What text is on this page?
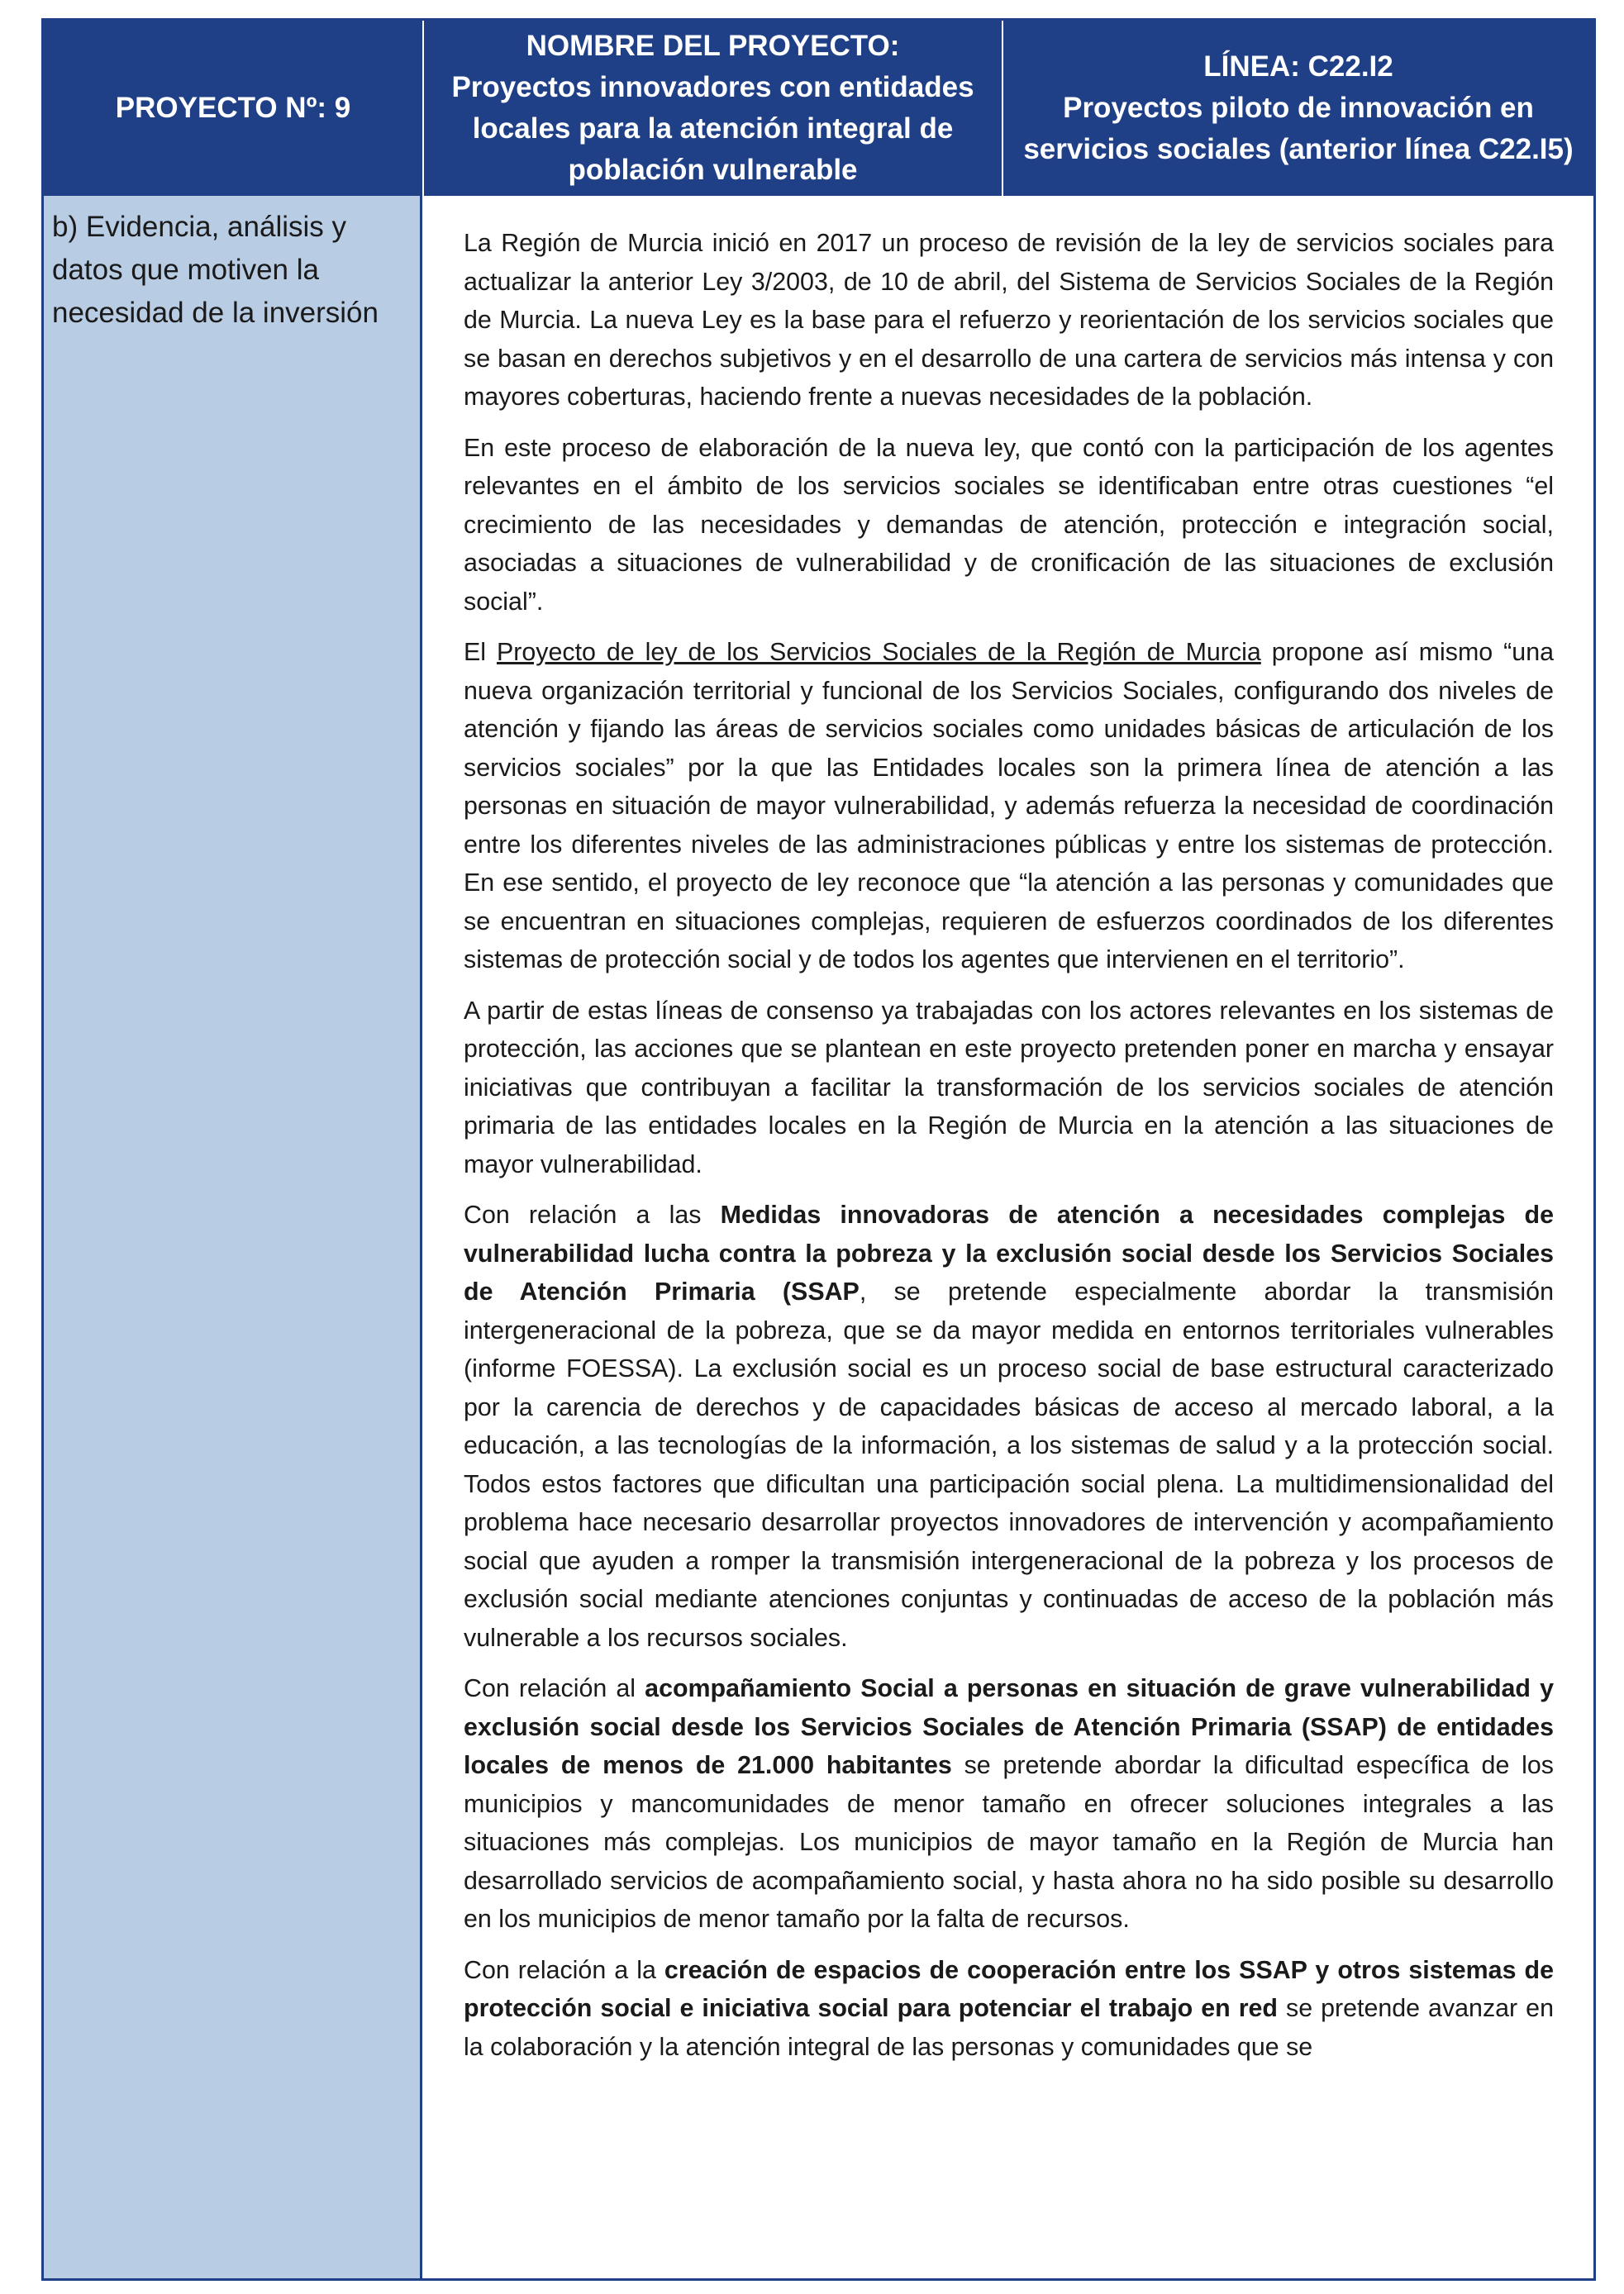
PROYECTO Nº: 9
NOMBRE DEL PROYECTO:
Proyectos innovadores con entidades locales para la atención integral de población vulnerable
LÍNEA: C22.I2
Proyectos piloto de innovación en servicios sociales (anterior línea C22.I5)

b) Evidencia, análisis y datos que motiven la necesidad de la inversión

La Región de Murcia inició en 2017 un proceso de revisión de la ley de servicios sociales para actualizar la anterior Ley 3/2003, de 10 de abril, del Sistema de Servicios Sociales de la Región de Murcia. La nueva Ley es la base para el refuerzo y reorientación de los servicios sociales que se basan en derechos subjetivos y en el desarrollo de una cartera de servicios más intensa y con mayores coberturas, haciendo frente a nuevas necesidades de la población.

En este proceso de elaboración de la nueva ley, que contó con la participación de los agentes relevantes en el ámbito de los servicios sociales se identificaban entre otras cuestiones “el crecimiento de las necesidades y demandas de atención, protección e integración social, asociadas a situaciones de vulnerabilidad y de cronificación de las situaciones de exclusión social”.

El Proyecto de ley de los Servicios Sociales de la Región de Murcia propone así mismo “una nueva organización territorial y funcional de los Servicios Sociales, configurando dos niveles de atención y fijando las áreas de servicios sociales como unidades básicas de articulación de los servicios sociales” por la que las Entidades locales son la primera línea de atención a las personas en situación de mayor vulnerabilidad, y además refuerza la necesidad de coordinación entre los diferentes niveles de las administraciones públicas y entre los sistemas de protección. En ese sentido, el proyecto de ley reconoce que “la atención a las personas y comunidades que se encuentran en situaciones complejas, requieren de esfuerzos coordinados de los diferentes sistemas de protección social y de todos los agentes que intervienen en el territorio”.

A partir de estas líneas de consenso ya trabajadas con los actores relevantes en los sistemas de protección, las acciones que se plantean en este proyecto pretenden poner en marcha y ensayar iniciativas que contribuyan a facilitar la transformación de los servicios sociales de atención primaria de las entidades locales en la Región de Murcia en la atención a las situaciones de mayor vulnerabilidad.

Con relación a las Medidas innovadoras de atención a necesidades complejas de vulnerabilidad lucha contra la pobreza y la exclusión social desde los Servicios Sociales de Atención Primaria (SSAP, se pretende especialmente abordar la transmisión intergeneracional de la pobreza, que se da mayor medida en entornos territoriales vulnerables (informe FOESSA). La exclusión social es un proceso social de base estructural caracterizado por la carencia de derechos y de capacidades básicas de acceso al mercado laboral, a la educación, a las tecnologías de la información, a los sistemas de salud y a la protección social. Todos estos factores que dificultan una participación social plena. La multidimensionalidad del problema hace necesario desarrollar proyectos innovadores de intervención y acompañamiento social que ayuden a romper la transmisión intergeneracional de la pobreza y los procesos de exclusión social mediante atenciones conjuntas y continuadas de acceso de la población más vulnerable a los recursos sociales.

Con relación al acompañamiento Social a personas en situación de grave vulnerabilidad y exclusión social desde los Servicios Sociales de Atención Primaria (SSAP) de entidades locales de menos de 21.000 habitantes se pretende abordar la dificultad específica de los municipios y mancomunidades de menor tamaño en ofrecer soluciones integrales a las situaciones más complejas. Los municipios de mayor tamaño en la Región de Murcia han desarrollado servicios de acompañamiento social, y hasta ahora no ha sido posible su desarrollo en los municipios de menor tamaño por la falta de recursos.

Con relación a la creación de espacios de cooperación entre los SSAP y otros sistemas de protección social e iniciativa social para potenciar el trabajo en red se pretende avanzar en la colaboración y la atención integral de las personas y comunidades que se
